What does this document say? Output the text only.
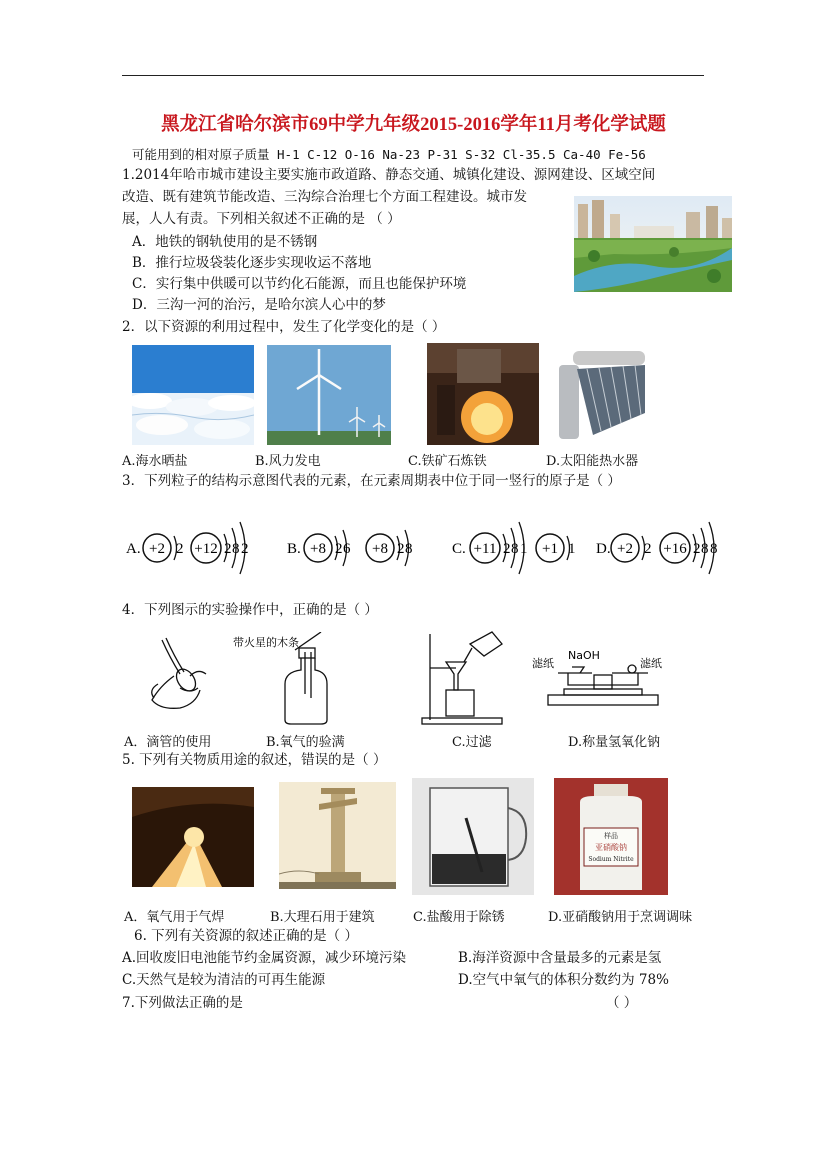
黑龙江省哈尔滨市69中学九年级2015-2016学年11月考化学试题
可能用到的相对原子质量 H-1 C-12 O-16 Na-23 P-31 S-32 Cl-35.5 Ca-40 Fe-56
1.2014年哈市城市建设主要实施市政道路、静态交通、城镇化建设、源网建设、区域空间
改造、既有建筑节能改造、三沟综合治理七个方面工程建设。城市发
展，人人有责。下列相关叙述不正确的是 （ ）
A．地铁的钢轨使用的是不锈钢
B．推行垃圾袋装化逐步实现收运不落地
C．实行集中供暖可以节约化石能源，而且也能保护环境
D．三沟一河的治污，是哈尔滨人心中的梦
2．以下资源的利用过程中，发生了化学变化的是（ ）
A.海水晒盐	B.风力发电	C.铁矿石炼铁	D.太阳能热水器
3．下列粒子的结构示意图代表的元素，在元素周期表中位于同一竖行的原子是（ ）
A. +2 2 +12 2 8 2	B. +8 2 6 +8 2 8	C. +11 2 8 1 +1 1 D. +2 2 +16 2 8 8
4．下列图示的实验操作中，正确的是（ ）
带火星的木条
滤纸
NaOH
滤纸
A．滴管的使用	B.氧气的验满	C.过滤	D.称量氢氧化钠
5. 下列有关物质用途的叙述，错误的是（ ）
样品
亚硝酸钠
Sodium Nitrite
A．氧气用于气焊	B.大理石用于建筑	C.盐酸用于除锈	D.亚硝酸钠用于烹调调味
6. 下列有关资源的叙述正确的是（ ）
A.回收废旧电池能节约金属资源，减少环境污染	B.海洋资源中含量最多的元素是氢
C.天然气是较为清洁的可再生能源	D.空气中氧气的体积分数约为 78%
7.下列做法正确的是	（ ）
